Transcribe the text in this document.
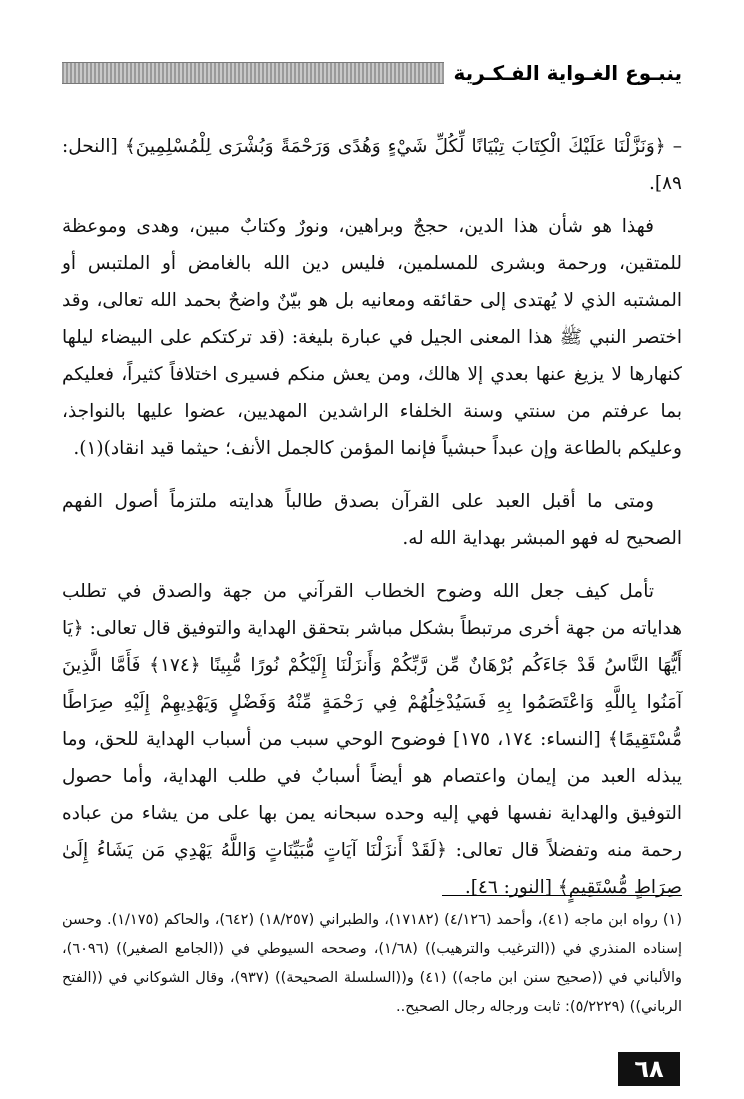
ينبـوع الغـواية الفـكـرية

– ﴿وَنَزَّلْنَا عَلَيْكَ الْكِتَابَ تِبْيَانًا لِّكُلِّ شَيْءٍ وَهُدًى وَرَحْمَةً وَبُشْرَى لِلْمُسْلِمِينَ﴾ [النحل: ٨٩].

فهذا هو شأن هذا الدين، حججٌ وبراهين، ونورٌ وكتابٌ مبين، وهدى وموعظة للمتقين، ورحمة وبشرى للمسلمين، فليس دين الله بالغامض أو الملتبس أو المشتبه الذي لا يُهتدى إلى حقائقه ومعانيه بل هو بيّنٌ واضحٌ بحمد الله تعالى، وقد اختصر النبي ﷺ هذا المعنى الجيل في عبارة بليغة: (قد تركتكم على البيضاء ليلها كنهارها لا يزيغ عنها بعدي إلا هالك، ومن يعش منكم فسيرى اختلافاً كثيراً، فعليكم بما عرفتم من سنتي وسنة الخلفاء الراشدين المهديين، عضوا عليها بالنواجذ، وعليكم بالطاعة وإن عبداً حبشياً فإنما المؤمن كالجمل الأنف؛ حيثما قيد انقاد)(١).

ومتى ما أقبل العبد على القرآن بصدق طالباً هدايته ملتزماً أصول الفهم الصحيح له فهو المبشر بهداية الله له.

تأمل كيف جعل الله وضوح الخطاب القرآني من جهة والصدق في تطلب هداياته من جهة أخرى مرتبطاً بشكل مباشر بتحقق الهداية والتوفيق قال تعالى: ﴿يَا أَيُّهَا النَّاسُ قَدْ جَاءَكُم بُرْهَانٌ مِّن رَّبِّكُمْ وَأَنزَلْنَا إِلَيْكُمْ نُورًا مُّبِينًا ﴿١٧٤﴾ فَأَمَّا الَّذِينَ آمَنُوا بِاللَّهِ وَاعْتَصَمُوا بِهِ فَسَيُدْخِلُهُمْ فِي رَحْمَةٍ مِّنْهُ وَفَضْلٍ وَيَهْدِيهِمْ إِلَيْهِ صِرَاطًا مُّسْتَقِيمًا﴾ [النساء: ١٧٤، ١٧٥] فوضوح الوحي سبب من أسباب الهداية للحق، وما يبذله العبد من إيمان واعتصام هو أيضاً أسبابٌ في طلب الهداية، وأما حصول التوفيق والهداية نفسها فهي إليه وحده سبحانه يمن بها على من يشاء من عباده رحمة منه وتفضلاً قال تعالى: ﴿لَقَدْ أَنزَلْنَا آيَاتٍ مُّبَيِّنَاتٍ وَاللَّهُ يَهْدِي مَن يَشَاءُ إِلَىٰ صِرَاطٍ مُّسْتَقِيمٍ﴾ [النور: ٤٦].

(١) رواه ابن ماجه (٤١)، وأحمد (٤/١٢٦) (١٧١٨٢)، والطبراني (١٨/٢٥٧) (٦٤٢)، والحاكم (١/١٧٥). وحسن إسناده المنذري في ((الترغيب والترهيب)) (١/٦٨)، وصححه السيوطي في ((الجامع الصغير)) (٦٠٩٦)، والألباني في ((صحيح سنن ابن ماجه)) (٤١) و((السلسلة الصحيحة)) (٩٣٧)، وقال الشوكاني في ((الفتح الرباني)) (٥/٢٢٢٩): ثابت ورجاله رجال الصحيح..

٦٨
